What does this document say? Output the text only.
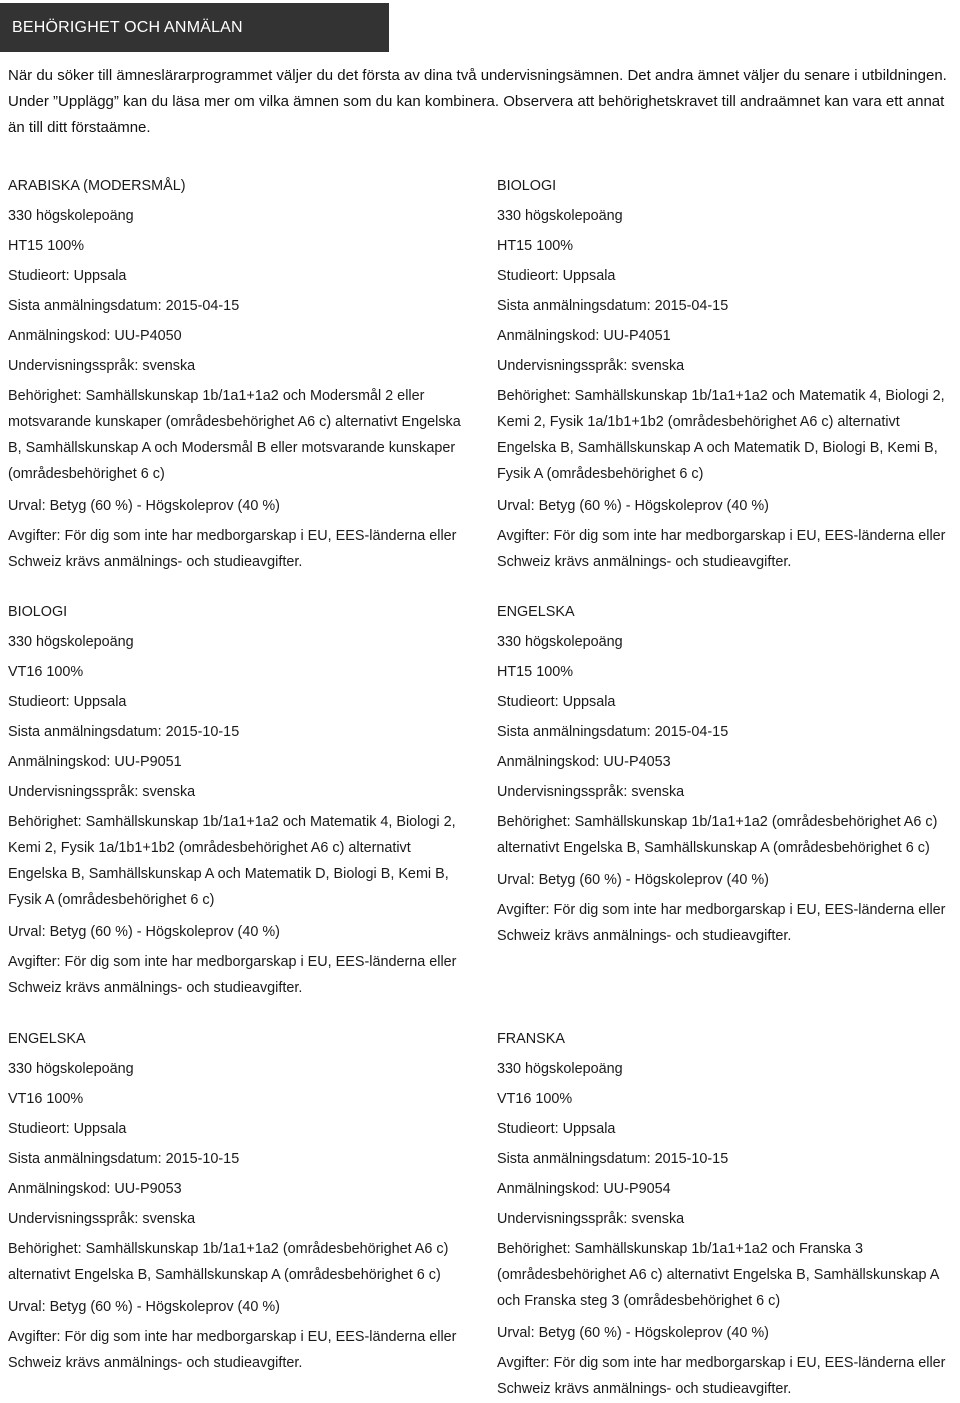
BEHÖRIGHET OCH ANMÄLAN

När du söker till ämneslärarprogrammet väljer du det första av dina två undervisningsämnen. Det andra ämnet väljer du senare i utbildningen. Under ”Upplägg” kan du läsa mer om vilka ämnen som du kan kombinera. Observera att behörighetskravet till andraämnet kan vara ett annat än till ditt förstaämne.

ARABISKA (MODERSMÅL)
330 högskolepoäng
HT15 100%
Studieort: Uppsala
Sista anmälningsdatum: 2015-04-15
Anmälningskod: UU-P4050
Undervisningsspråk: svenska
Behörighet: Samhällskunskap 1b/1a1+1a2 och Modersmål 2 eller motsvarande kunskaper (områdesbehörighet A6 c) alternativt Engelska B, Samhällskunskap A och Modersmål B eller motsvarande kunskaper (områdesbehörighet 6 c)
Urval: Betyg (60 %) - Högskoleprov (40 %)
Avgifter: För dig som inte har medborgarskap i EU, EES-länderna eller Schweiz krävs anmälnings- och studieavgifter.
BIOLOGI
330 högskolepoäng
HT15 100%
Studieort: Uppsala
Sista anmälningsdatum: 2015-04-15
Anmälningskod: UU-P4051
Undervisningsspråk: svenska
Behörighet: Samhällskunskap 1b/1a1+1a2 och Matematik 4, Biologi 2, Kemi 2, Fysik 1a/1b1+1b2 (områdesbehörighet A6 c) alternativt Engelska B, Samhällskunskap A och Matematik D, Biologi B, Kemi B, Fysik A (områdesbehörighet 6 c)
Urval: Betyg (60 %) - Högskoleprov (40 %)
Avgifter: För dig som inte har medborgarskap i EU, EES-länderna eller Schweiz krävs anmälnings- och studieavgifter.
BIOLOGI
330 högskolepoäng
VT16 100%
Studieort: Uppsala
Sista anmälningsdatum: 2015-10-15
Anmälningskod: UU-P9051
Undervisningsspråk: svenska
Behörighet: Samhällskunskap 1b/1a1+1a2 och Matematik 4, Biologi 2, Kemi 2, Fysik 1a/1b1+1b2 (områdesbehörighet A6 c) alternativt Engelska B, Samhällskunskap A och Matematik D, Biologi B, Kemi B, Fysik A (områdesbehörighet 6 c)
Urval: Betyg (60 %) - Högskoleprov (40 %)
Avgifter: För dig som inte har medborgarskap i EU, EES-länderna eller Schweiz krävs anmälnings- och studieavgifter.
ENGELSKA
330 högskolepoäng
HT15 100%
Studieort: Uppsala
Sista anmälningsdatum: 2015-04-15
Anmälningskod: UU-P4053
Undervisningsspråk: svenska
Behörighet: Samhällskunskap 1b/1a1+1a2 (områdesbehörighet A6 c) alternativt Engelska B, Samhällskunskap A (områdesbehörighet 6 c)
Urval: Betyg (60 %) - Högskoleprov (40 %)
Avgifter: För dig som inte har medborgarskap i EU, EES-länderna eller Schweiz krävs anmälnings- och studieavgifter.
ENGELSKA
330 högskolepoäng
VT16 100%
Studieort: Uppsala
Sista anmälningsdatum: 2015-10-15
Anmälningskod: UU-P9053
Undervisningsspråk: svenska
Behörighet: Samhällskunskap 1b/1a1+1a2 (områdesbehörighet A6 c) alternativt Engelska B, Samhällskunskap A (områdesbehörighet 6 c)
Urval: Betyg (60 %) - Högskoleprov (40 %)
Avgifter: För dig som inte har medborgarskap i EU, EES-länderna eller Schweiz krävs anmälnings- och studieavgifter.
FRANSKA
330 högskolepoäng
VT16 100%
Studieort: Uppsala
Sista anmälningsdatum: 2015-10-15
Anmälningskod: UU-P9054
Undervisningsspråk: svenska
Behörighet: Samhällskunskap 1b/1a1+1a2 och Franska 3 (områdesbehörighet A6 c) alternativt Engelska B, Samhällskunskap A och Franska steg 3 (områdesbehörighet 6 c)
Urval: Betyg (60 %) - Högskoleprov (40 %)
Avgifter: För dig som inte har medborgarskap i EU, EES-länderna eller Schweiz krävs anmälnings- och studieavgifter.
